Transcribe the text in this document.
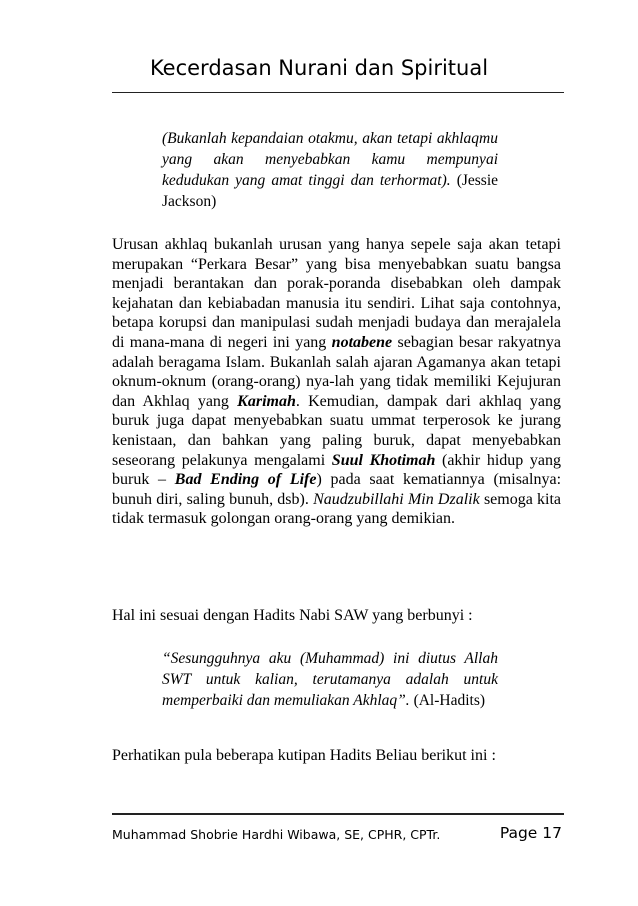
Kecerdasan Nurani dan Spiritual
(Bukanlah kepandaian otakmu, akan tetapi akhlaqmu yang akan menyebabkan kamu mempunyai kedudukan yang amat tinggi dan terhormat). (Jessie Jackson)
Urusan akhlaq bukanlah urusan yang hanya sepele saja akan tetapi merupakan “Perkara Besar” yang bisa menyebabkan suatu bangsa menjadi berantakan dan porak-poranda disebabkan oleh dampak kejahatan dan kebiabadan manusia itu sendiri. Lihat saja contohnya, betapa korupsi dan manipulasi sudah menjadi budaya dan merajalela di mana-mana di negeri ini yang notabene sebagian besar rakyatnya adalah beragama Islam. Bukanlah salah ajaran Agamanya akan tetapi oknum-oknum (orang-orang) nya-lah yang tidak memiliki Kejujuran dan Akhlaq yang Karimah. Kemudian, dampak dari akhlaq yang buruk juga dapat menyebabkan suatu ummat terperosok ke jurang kenistaan, dan bahkan yang paling buruk, dapat menyebabkan seseorang pelakunya mengalami Suul Khotimah (akhir hidup yang buruk – Bad Ending of Life) pada saat kematiannya (misalnya: bunuh diri, saling bunuh, dsb). Naudzubillahi Min Dzalik semoga kita tidak termasuk golongan orang-orang yang demikian.
Hal ini sesuai dengan Hadits Nabi SAW yang berbunyi :
“Sesungguhnya aku (Muhammad) ini diutus Allah SWT untuk kalian, terutamanya adalah untuk memperbaiki dan memuliakan Akhlaq”. (Al-Hadits)
Perhatikan pula beberapa kutipan Hadits Beliau berikut ini :
Muhammad Shobrie Hardhi Wibawa, SE, CPHR, CPTr.	Page 17
